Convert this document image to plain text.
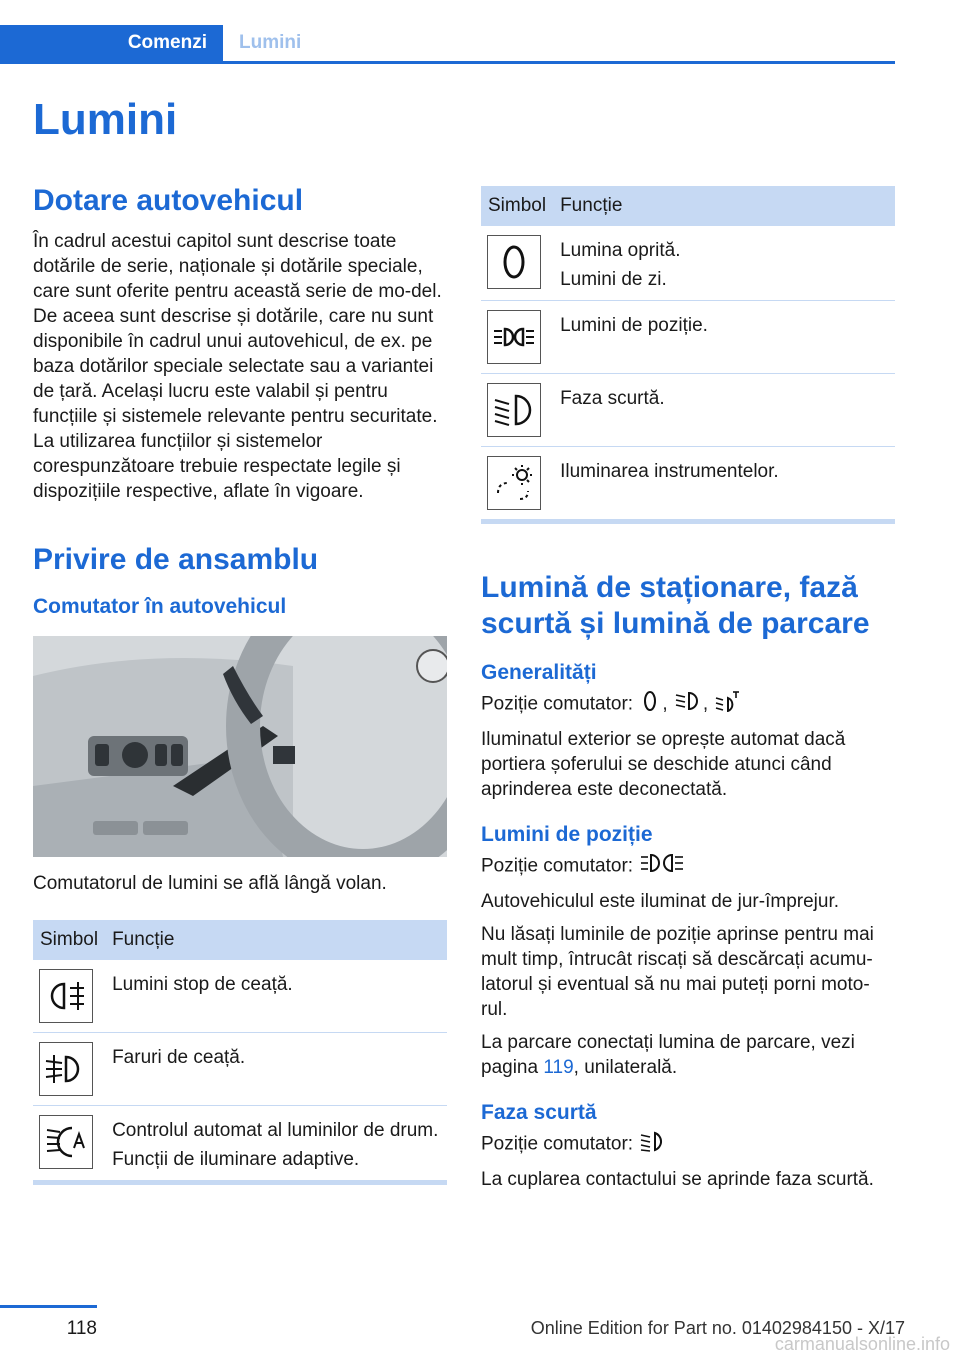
Comenzi	Lumini
Lumini
Dotare autovehicul

În cadrul acestui capitol sunt descrise toate dotările de serie, naționale și dotările speciale, care sunt oferite pentru această serie de mo‐del. De aceea sunt descrise și dotările, care nu sunt disponibile în cadrul unui autovehicul, de ex. pe baza dotărilor speciale selectate sau a variantei de țară. Același lucru este valabil și pentru funcțiile și sistemele relevante pentru securitate. La utilizarea funcțiilor și sistemelor corespunzătoare trebuie respectate legile și dispozițiile respective, aflate în vigoare.

Privire de ansamblu
Comutator în autovehicul

Comutatorul de lumini se află lângă volan.

Simbol	Funcție

Lumini stop de ceață.

Faruri de ceață.

Controlul automat al luminilor de drum.
Funcții de iluminare adaptive.
Simbol	Funcție

Lumina oprită.
Lumini de zi.

Lumini de poziție.

Faza scurtă.

Iluminarea instrumentelor.
Lumină de staționare, fază scurtă și lumină de parcare
Generalități

Poziție comutator: , ,

Iluminatul exterior se oprește automat dacă portiera șoferului se deschide atunci când aprinderea este deconectată.

Lumini de poziție

Poziție comutator:

Autovehiculul este iluminat de jur-împrejur.

Nu lăsați luminile de poziție aprinse pentru mai mult timp, întrucât riscați să descărcați acumu‐latorul și eventual să nu mai puteți porni moto‐rul.

La parcare conectați lumina de parcare, vezi pagina 119, unilaterală.

Faza scurtă

Poziție comutator:

La cuplarea contactului se aprinde faza scurtă.

118	Online Edition for Part no. 01402984150 - X/17
carmanualsonline.info
